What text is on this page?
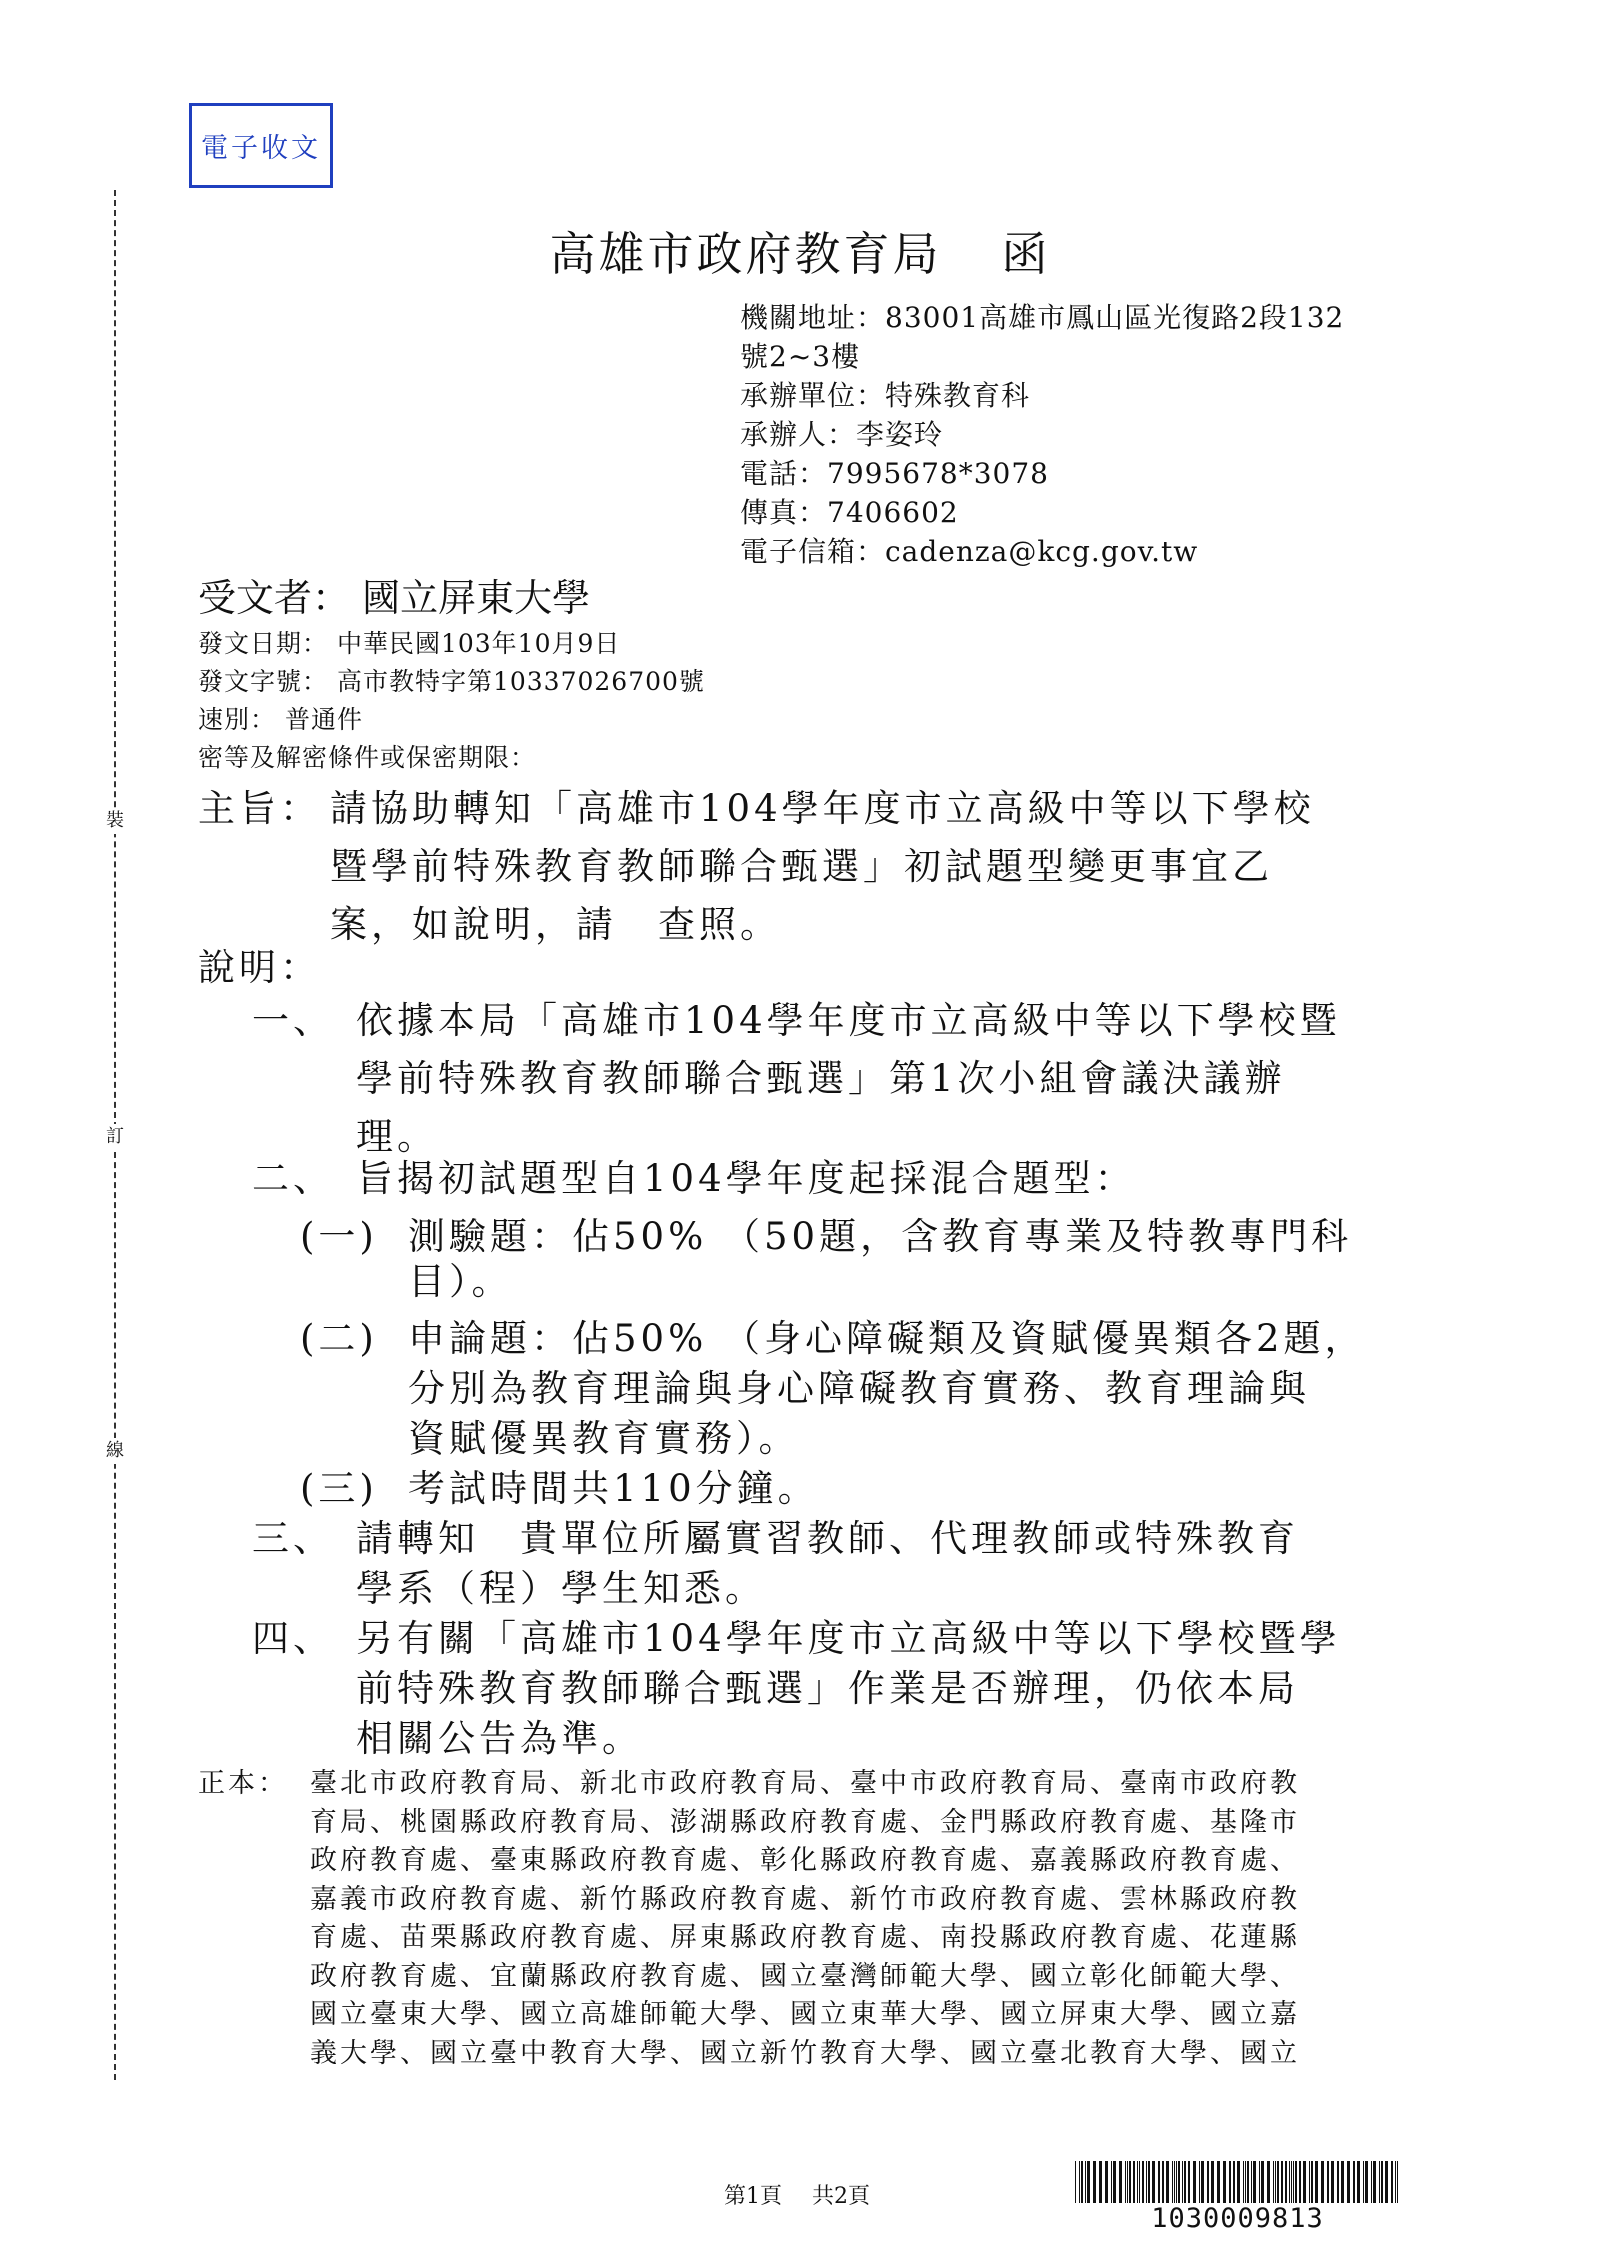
電子收文
裝
訂
線
高雄市政府教育局 函
機關地址：83001高雄市鳳山區光復路2段132
號2~3樓
承辦單位：特殊教育科
承辦人：李姿玲
電話：7995678*3078
傳真：7406602
電子信箱：cadenza@kcg.gov.tw
受文者： 國立屏東大學
發文日期： 中華民國103年10月9日
發文字號： 高市教特字第10337026700號
速別： 普通件
密等及解密條件或保密期限：
主旨： 請協助轉知「高雄市104學年度市立高級中等以下學校
暨學前特殊教育教師聯合甄選」初試題型變更事宜乙
案，如說明，請　查照。
說明：
一、 依據本局「高雄市104學年度市立高級中等以下學校暨
學前特殊教育教師聯合甄選」第1次小組會議決議辦
理。
二、 旨揭初試題型自104學年度起採混合題型：
(一) 測驗題：佔50% （50題，含教育專業及特教專門科
目）。
(二) 申論題：佔50% （身心障礙類及資賦優異類各2題，
分別為教育理論與身心障礙教育實務、教育理論與
資賦優異教育實務）。
(三) 考試時間共110分鐘。
三、 請轉知　貴單位所屬實習教師、代理教師或特殊教育
學系（程）學生知悉。
四、 另有關「高雄市104學年度市立高級中等以下學校暨學
前特殊教育教師聯合甄選」作業是否辦理，仍依本局
相關公告為準。
正本： 臺北市政府教育局、新北市政府教育局、臺中市政府教育局、臺南市政府教
育局、桃園縣政府教育局、澎湖縣政府教育處、金門縣政府教育處、基隆市
政府教育處、臺東縣政府教育處、彰化縣政府教育處、嘉義縣政府教育處、
嘉義市政府教育處、新竹縣政府教育處、新竹市政府教育處、雲林縣政府教
育處、苗栗縣政府教育處、屏東縣政府教育處、南投縣政府教育處、花蓮縣
政府教育處、宜蘭縣政府教育處、國立臺灣師範大學、國立彰化師範大學、
國立臺東大學、國立高雄師範大學、國立東華大學、國立屏東大學、國立嘉
義大學、國立臺中教育大學、國立新竹教育大學、國立臺北教育大學、國立
第1頁 共2頁
1030009813
